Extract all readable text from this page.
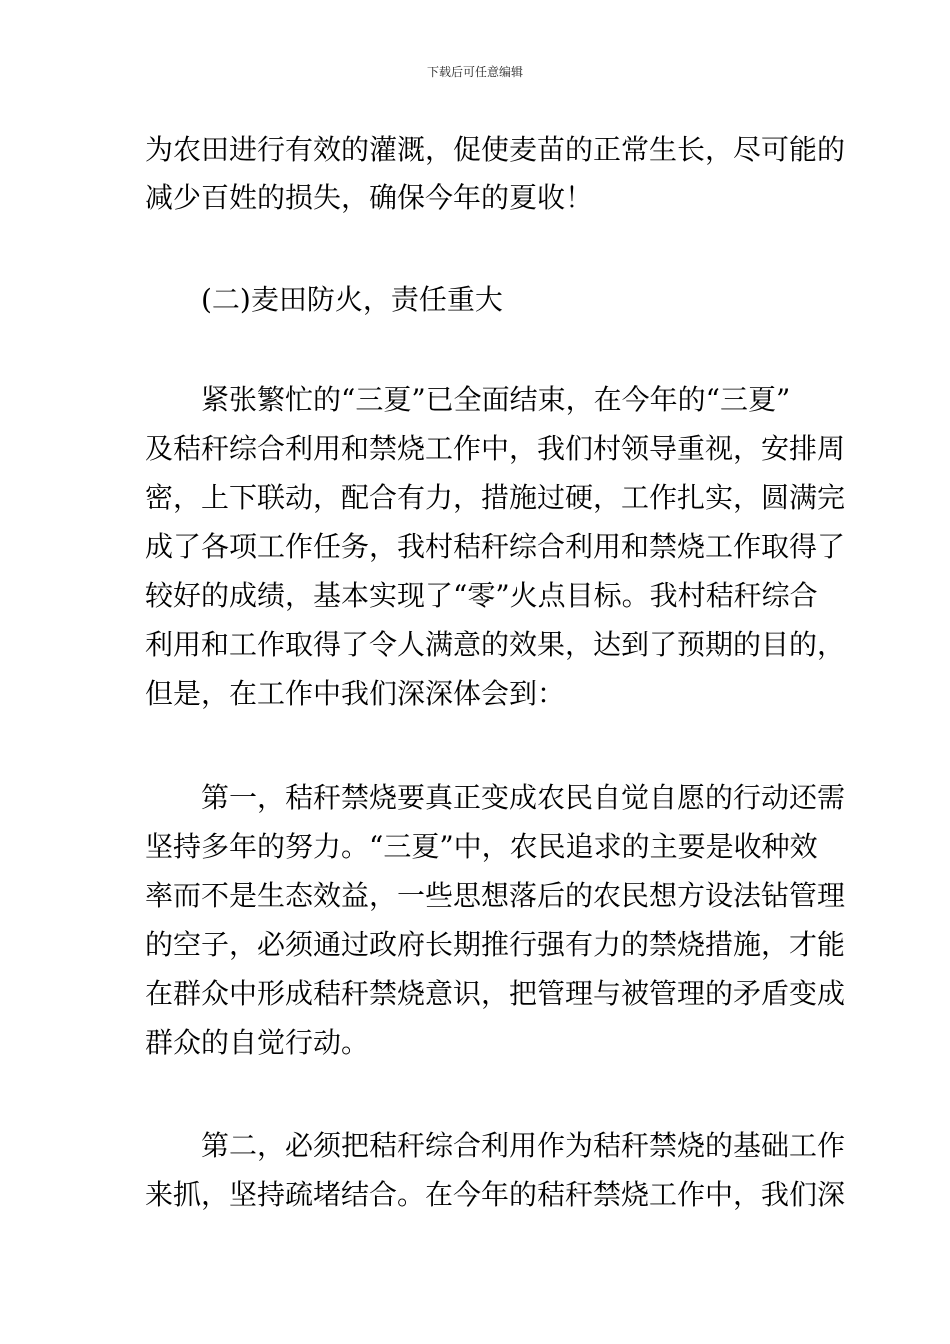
下载后可任意编辑
为农田进行有效的灌溉，促使麦苗的正常生长，尽可能的
减少百姓的损失，确保今年的夏收！
(二)麦田防火，责任重大
紧张繁忙的“三夏”已全面结束，在今年的“三夏”
及秸秆综合利用和禁烧工作中，我们村领导重视，安排周
密，上下联动，配合有力，措施过硬，工作扎实，圆满完
成了各项工作任务，我村秸秆综合利用和禁烧工作取得了
较好的成绩，基本实现了“零”火点目标。我村秸秆综合
利用和工作取得了令人满意的效果，达到了预期的目的，
但是，在工作中我们深深体会到：
第一，秸秆禁烧要真正变成农民自觉自愿的行动还需
坚持多年的努力。“三夏”中，农民追求的主要是收种效
率而不是生态效益，一些思想落后的农民想方设法钻管理
的空子，必须通过政府长期推行强有力的禁烧措施，才能
在群众中形成秸秆禁烧意识，把管理与被管理的矛盾变成
群众的自觉行动。
第二，必须把秸秆综合利用作为秸秆禁烧的基础工作
来抓，坚持疏堵结合。在今年的秸秆禁烧工作中，我们深
